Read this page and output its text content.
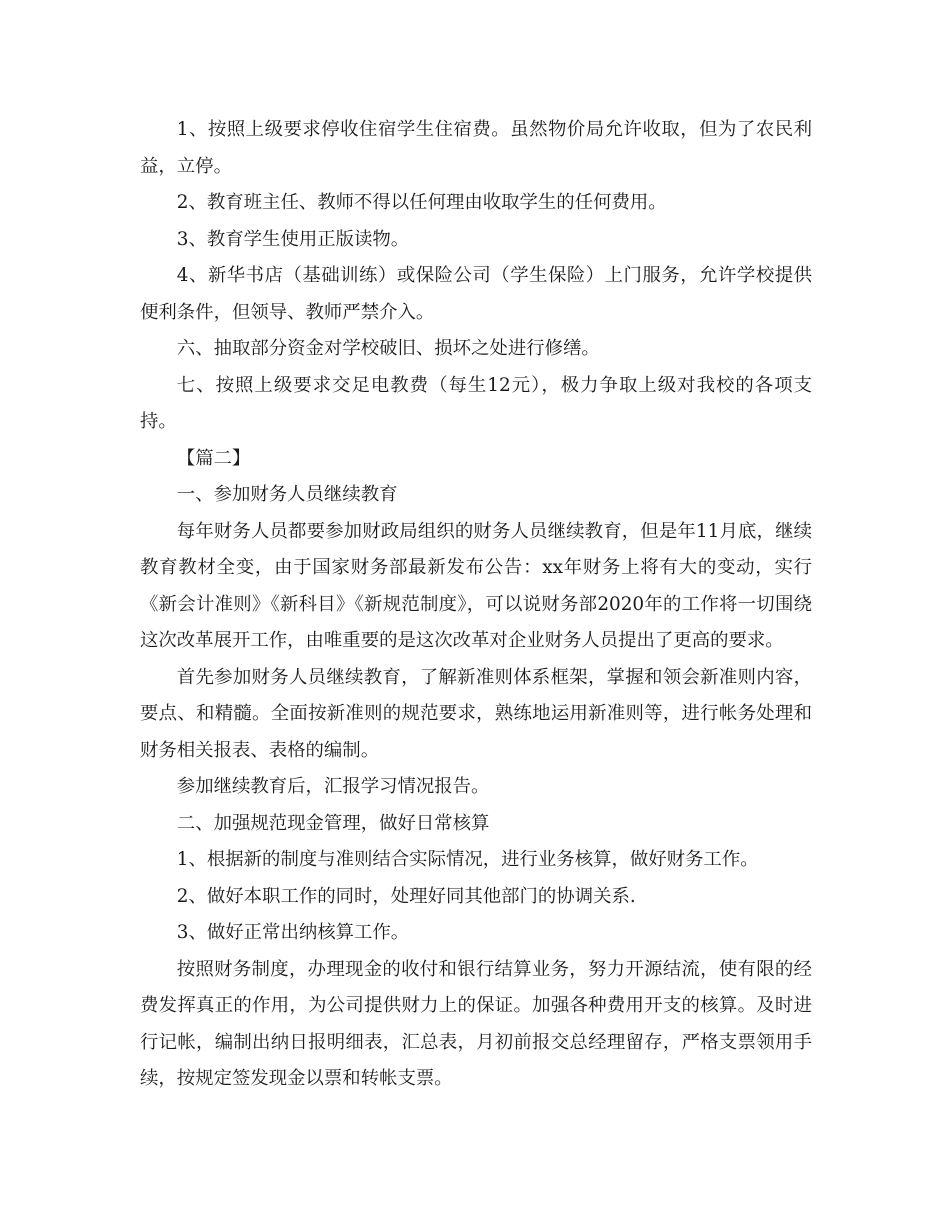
1、按照上级要求停收住宿学生住宿费。虽然物价局允许收取，但为了农民利益，立停。

2、教育班主任、教师不得以任何理由收取学生的任何费用。

3、教育学生使用正版读物。

4、新华书店（基础训练）或保险公司（学生保险）上门服务，允许学校提供便利条件，但领导、教师严禁介入。

六、抽取部分资金对学校破旧、损坏之处进行修缮。

七、按照上级要求交足电教费（每生12元），极力争取上级对我校的各项支持。

【篇二】

一、参加财务人员继续教育

每年财务人员都要参加财政局组织的财务人员继续教育，但是年11月底，继续教育教材全变，由于国家财务部最新发布公告：xx年财务上将有大的变动，实行《新会计准则》《新科目》《新规范制度》，可以说财务部2020年的工作将一切围绕这次改革展开工作，由唯重要的是这次改革对企业财务人员提出了更高的要求。

首先参加财务人员继续教育，了解新准则体系框架，掌握和领会新准则内容，要点、和精髓。全面按新准则的规范要求，熟练地运用新准则等，进行帐务处理和财务相关报表、表格的编制。

参加继续教育后，汇报学习情况报告。

二、加强规范现金管理，做好日常核算

1、根据新的制度与准则结合实际情况，进行业务核算，做好财务工作。

2、做好本职工作的同时，处理好同其他部门的协调关系.

3、做好正常出纳核算工作。

按照财务制度，办理现金的收付和银行结算业务，努力开源结流，使有限的经费发挥真正的作用，为公司提供财力上的保证。加强各种费用开支的核算。及时进行记帐，编制出纳日报明细表，汇总表，月初前报交总经理留存，严格支票领用手续，按规定签发现金以票和转帐支票。
